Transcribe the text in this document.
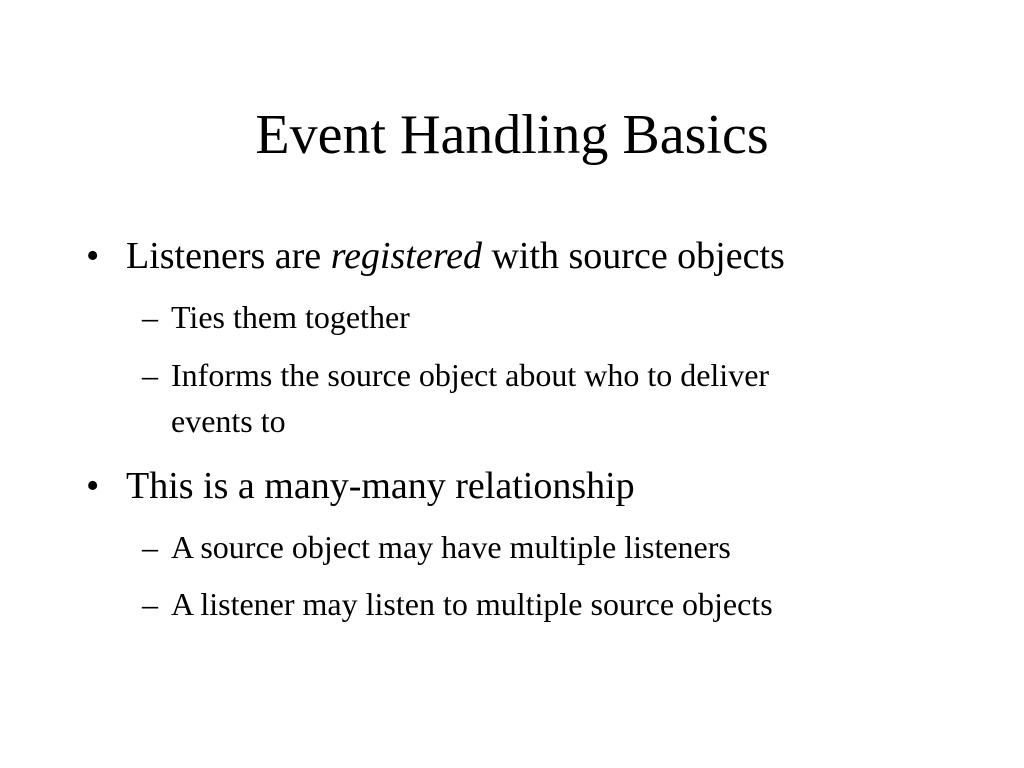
Event Handling Basics
• Listeners are registered with source objects
– Ties them together
– Informs the source object about who to deliver
events to
• This is a many-many relationship
– A source object may have multiple listeners
– A listener may listen to multiple source objects
